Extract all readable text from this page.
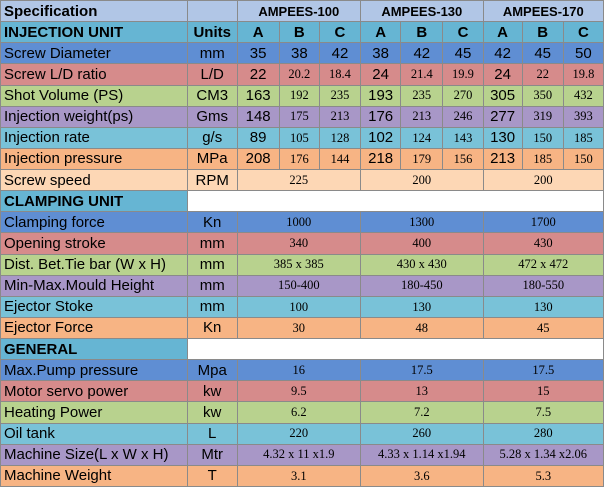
Specification		AMPEES-100			AMPEES-130			AMPEES-170		
INJECTION UNIT	Units	A	B	C	A	B	C	A	B	C
Screw Diameter	mm	35	38	42	38	42	45	42	45	50
Screw L/D ratio	L/D	22	20.2	18.4	24	21.4	19.9	24	22	19.8
Shot Volume (PS)	CM3	163	192	235	193	235	270	305	350	432
Injection weight(ps)	Gms	148	175	213	176	213	246	277	319	393
Injection rate	g/s	89	105	128	102	124	143	130	150	185
Injection pressure	MPa	208	176	144	218	179	156	213	185	150
Screw speed	RPM	225			200			200		
CLAMPING UNIT										
Clamping force	Kn	1000			1300			1700		
Opening stroke	mm	340			400			430		
Dist. Bet.Tie bar (W x H)	mm	385 x 385			430 x 430			472 x 472		
Min-Max.Mould Height	mm	150-400			180-450			180-550		
Ejector Stoke	mm	100			130			130		
Ejector Force	Kn	30			48			45		
GENERAL										
Max.Pump pressure	Mpa	16			17.5			17.5		
Motor servo power	kw	9.5			13			15		
Heating Power	kw	6.2			7.2			7.5		
Oil tank	L	220			260			280		
Machine Size(L x W x H)	Mtr	4.32 x 11 x1.9			4.33 x 1.14 x1.94			5.28 x 1.34 x2.06		
Machine Weight	T	3.1			3.6			5.3		
